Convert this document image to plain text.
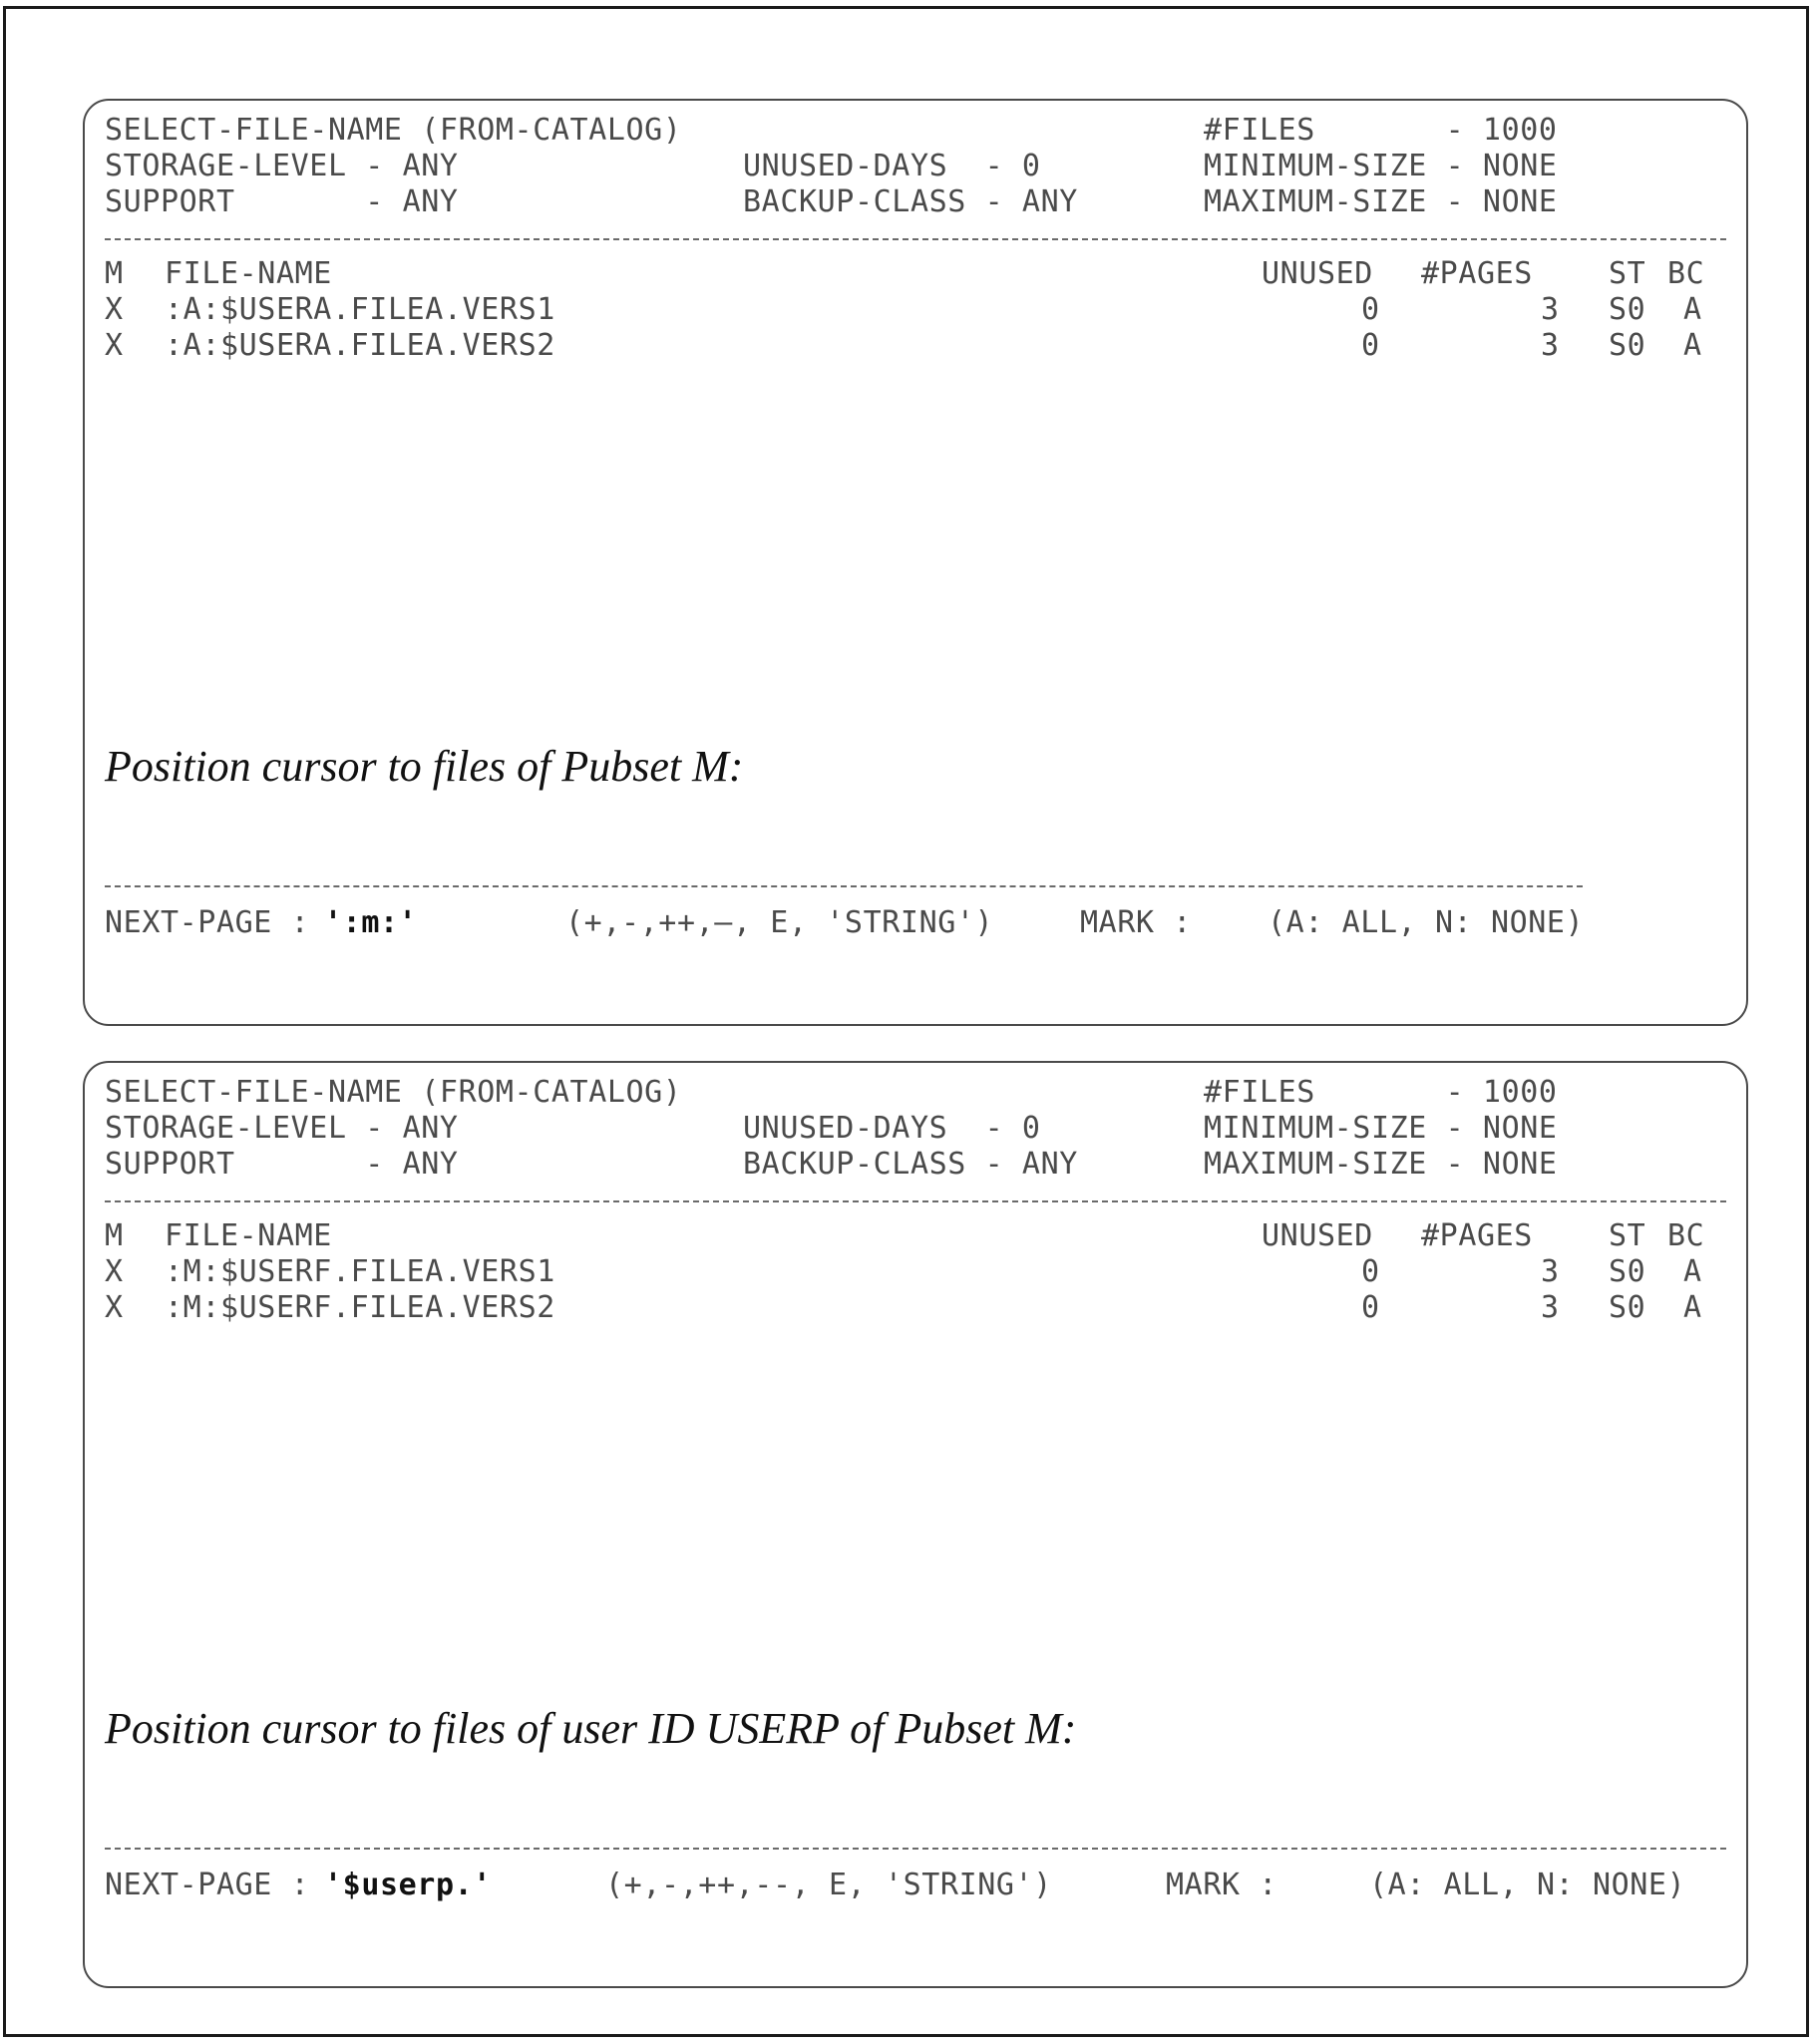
SELECT-FILE-NAME (FROM-CATALOG)	#FILES       - 1000
STORAGE-LEVEL - ANY	UNUSED-DAYS  - 0	MINIMUM-SIZE - NONE
SUPPORT       - ANY	BACKUP-CLASS - ANY	MAXIMUM-SIZE - NONE
M FILE-NAME	UNUSED #PAGES	ST BC
X :A:$USERA.FILEA.VERS1	0	3 S0 A
X :A:$USERA.FILEA.VERS2	0	3 S0 A
Position cursor to files of Pubset M:
NEXT-PAGE :
':m:'	(+,-,++,—, E, 'STRING')	MARK :	(A: ALL, N: NONE)
SELECT-FILE-NAME (FROM-CATALOG)	#FILES       - 1000
STORAGE-LEVEL - ANY	UNUSED-DAYS  - 0	MINIMUM-SIZE - NONE
SUPPORT       - ANY	BACKUP-CLASS - ANY	MAXIMUM-SIZE - NONE
M FILE-NAME	UNUSED #PAGES	ST BC
X :M:$USERF.FILEA.VERS1	0	3 S0 A
X :M:$USERF.FILEA.VERS2	0	3 S0 A
Position cursor to files of user ID USERP of Pubset M:
NEXT-PAGE :
'$userp.'	(+,-,++,--, E, 'STRING')	MARK :	(A: ALL, N: NONE)
